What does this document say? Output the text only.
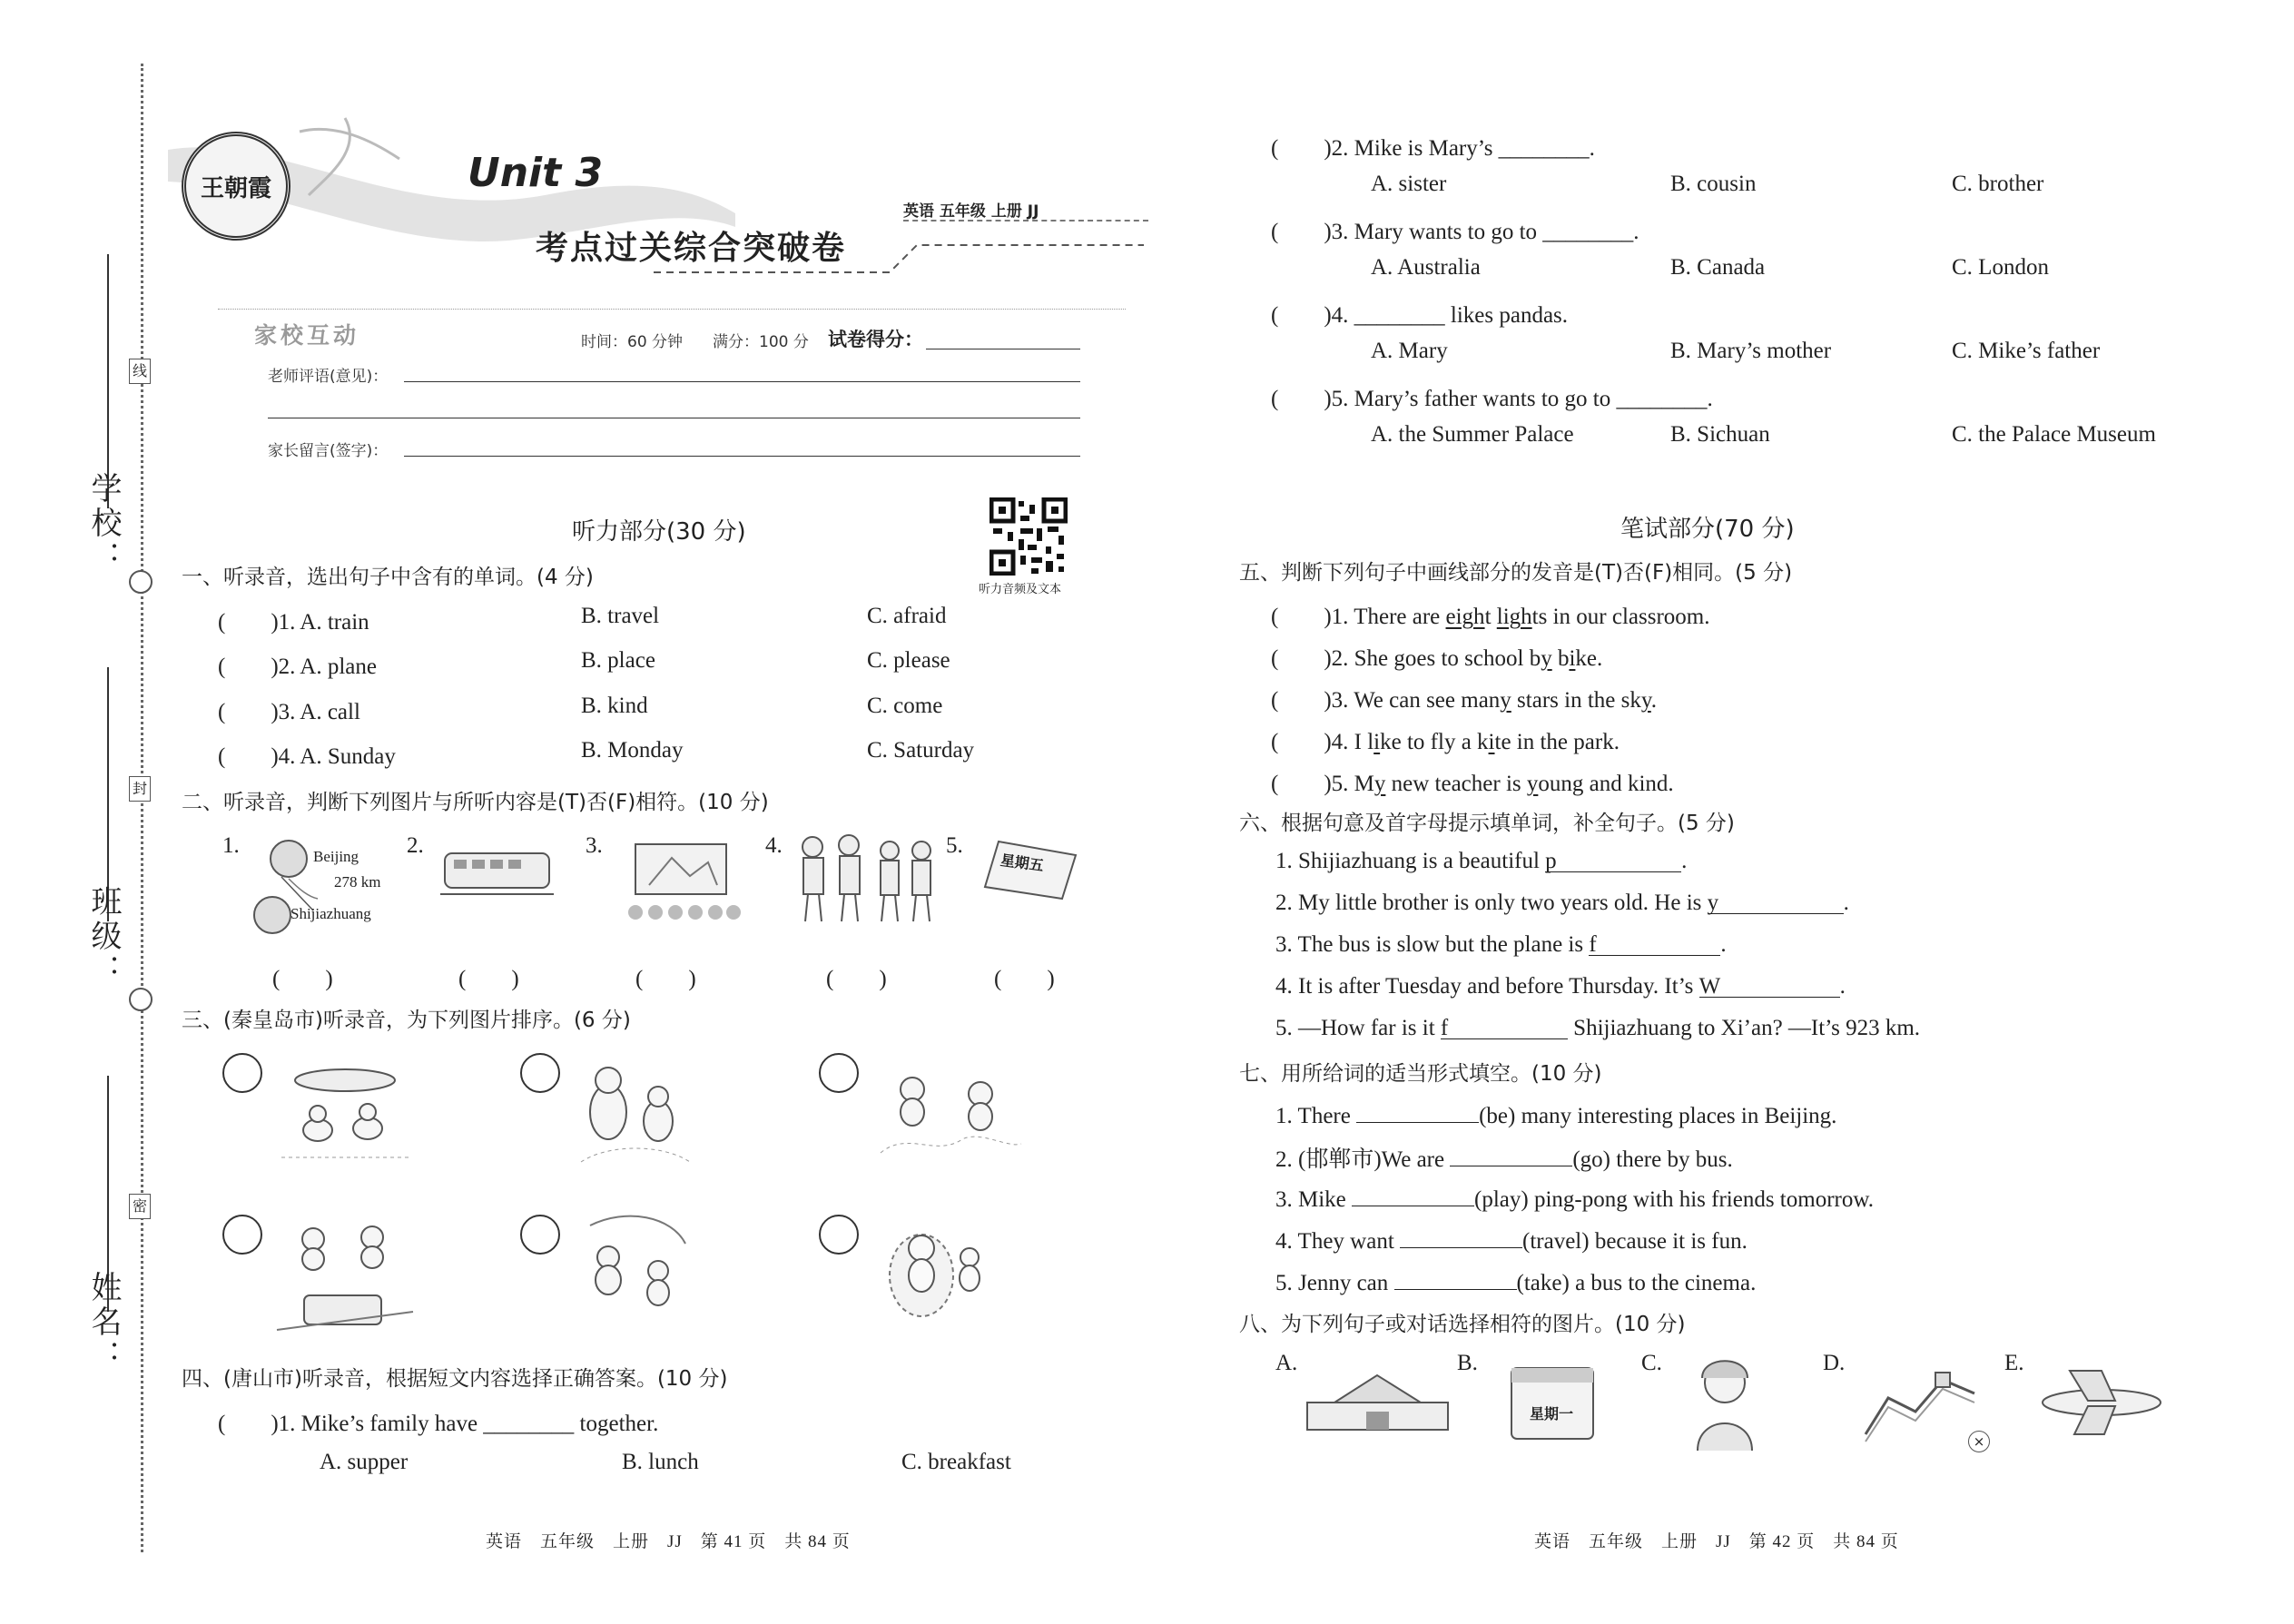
学校：
班级：
姓名：
线
封
密
王朝霞	Unit 3
考点过关综合突破卷
英语 五年级 上册 JJ
家校互动	时间：60 分钟 满分：100 分 试卷得分：
老师评语(意见)：
家长留言(签字)：
听力音频及文本
听力部分(30 分)
一、听录音，选出句子中含有的单词。(4 分)
(　　)1. A. train	B. travel	C. afraid
(　　)2. A. plane	B. place	C. please
(　　)3. A. call	B. kind	C. come
(　　)4. A. Sunday	B. Monday	C. Saturday
二、听录音，判断下列图片与所听内容是(T)否(F)相符。(10 分)
1.	Beijing
278 km
Shijiazhuang
2.	3.	4.	5.
星期五
(　　)	(　　)	(　　)	(　　)	(　　)
三、(秦皇岛市)听录音，为下列图片排序。(6 分)
四、(唐山市)听录音，根据短文内容选择正确答案。(10 分)
(　　)1. Mike’s family have ________ together.
A. supper	B. lunch	C. breakfast
英语　五年级　上册　JJ　第 41 页　共 84 页
(　　)2. Mike is Mary’s ________.
A. sister	B. cousin	C. brother
(　　)3. Mary wants to go to ________.
A. Australia	B. Canada	C. London
(　　)4. ________ likes pandas.
A. Mary	B. Mary’s mother	C. Mike’s father
(　　)5. Mary’s father wants to go to ________.
A. the Summer Palace	B. Sichuan	C. the Palace Museum
笔试部分(70 分)
五、判断下列句子中画线部分的发音是(T)否(F)相同。(5 分)
(　　)1. There are eight lights in our classroom.
(　　)2. She goes to school by bike.
(　　)3. We can see many stars in the sky.
(　　)4. I like to fly a kite in the park.
(　　)5. My new teacher is young and kind.
六、根据句意及首字母提示填单词，补全句子。(5 分)
1. Shijiazhuang is a beautiful p	.
2. My little brother is only two years old. He is y	.
3. The bus is slow but the plane is f	.
4. It is after Tuesday and before Thursday. It’s W	.
5. —How far is it f	Shijiazhuang to Xi’an? —It’s 923 km.
七、用所给词的适当形式填空。(10 分)
1. There	(be) many interesting places in Beijing.
2. (邯郸市)We are	(go) there by bus.
3. Mike	(play) ping-pong with his friends tomorrow.
4. They want	(travel) because it is fun.
5. Jenny can	(take) a bus to the cinema.
八、为下列句子或对话选择相符的图片。(10 分)
A.	B.
星期一
C.	D.
×
E.
英语　五年级　上册　JJ　第 42 页　共 84 页
